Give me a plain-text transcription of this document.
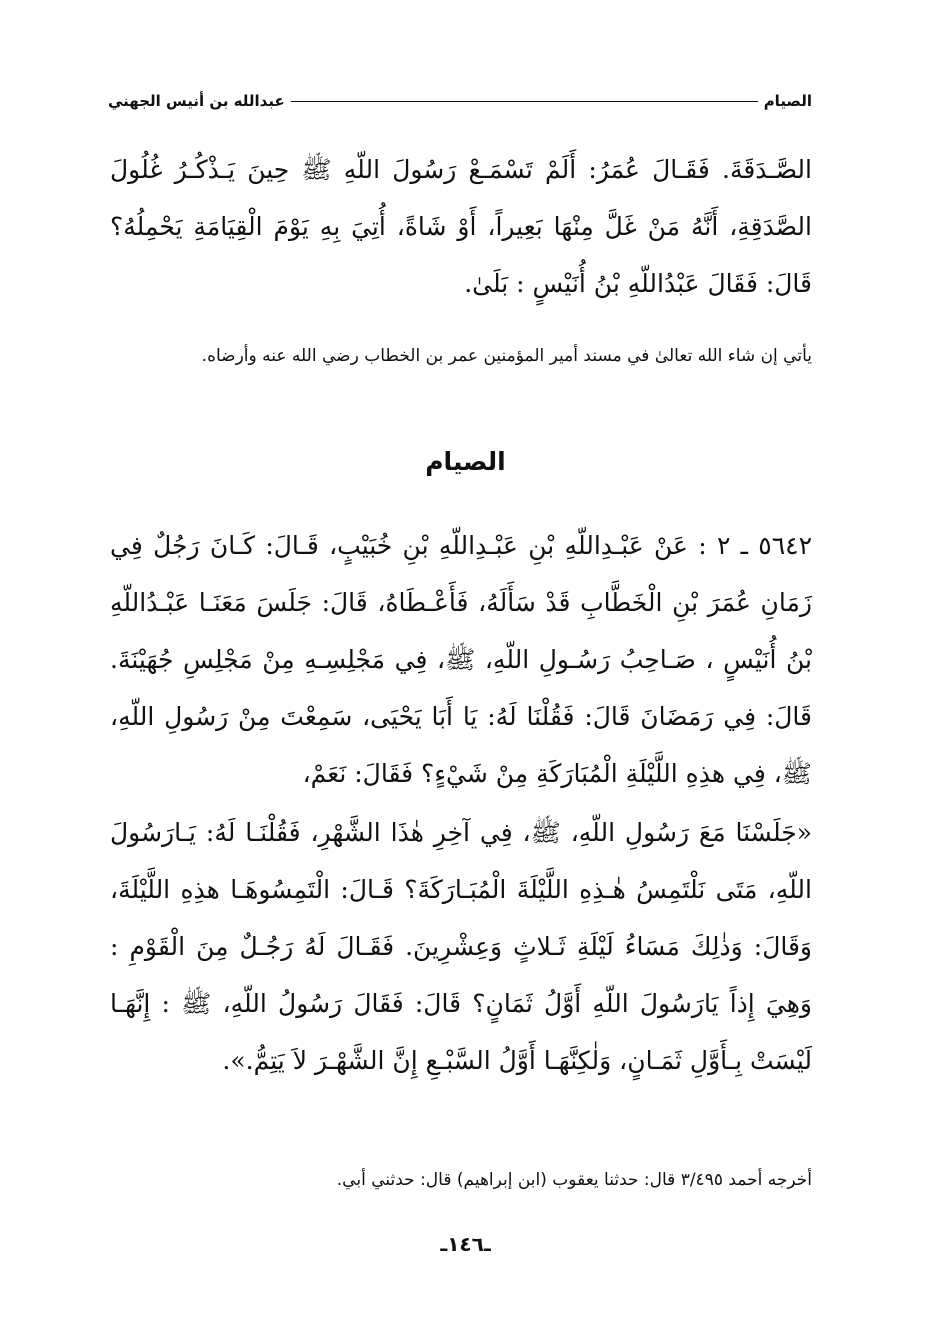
الصيام
عبدالله بن أنيس الجهني
الصَّـدَقَةَ. فَقَـالَ عُمَرُ: أَلَمْ تَسْمَـعْ رَسُولَ اللّهِ ﷺ حِينَ يَـذْكُـرُ غُلُولَ الصَّدَقِةِ، أَنَّهُ مَنْ غَلَّ مِنْهَا بَعِيراً، أَوْ شَاةً، أُتِيَ بِهِ يَوْمَ الْقِيَامَةِ يَحْمِلُهُ؟ قَالَ: فَقَالَ عَبْدُاللّهِ بْنُ أُنَيْسٍ : بَلَىٰ.
يأتي إن شاء الله تعالىٰ في مسند أمير المؤمنين عمر بن الخطاب رضي الله عنه وأرضاه.
الصيام
٥٦٤٢ ـ ٢ : عَنْ عَبْـدِاللّهِ بْنِ عَبْـدِاللّهِ بْنِ خُبَيْبٍ، قَـالَ: كَـانَ رَجُلٌ فِي زَمَانِ عُمَرَ بْنِ الْخَطَّابِ قَدْ سَأَلَهُ، فَأَعْـطَاهُ، قَالَ: جَلَسَ مَعَنَـا عَبْـدُاللّهِ بْنُ أُنَيْسٍ ، صَـاحِبُ رَسُـولِ اللّهِ، ﷺ، فِي مَجْلِسِـهِ مِنْ مَجْلِسِ جُهَيْنَةَ. قَالَ: فِي رَمَضَانَ قَالَ: فَقُلْنَا لَهُ: يَا أَبَا يَحْيَى، سَمِعْتَ مِنْ رَسُولِ اللّهِ، ﷺ، فِي هذِهِ اللَّيْلَةِ الْمُبَارَكَةِ مِنْ شَيْءٍ؟ فَقَالَ: نَعَمْ،
«جَلَسْنَا مَعَ رَسُولِ اللّهِ، ﷺ، فِي آخِرِ هٰذَا الشَّهْرِ، فَقُلْنَـا لَهُ: يَـارَسُولَ اللّهِ، مَتَى نَلْتَمِسُ هٰـذِهِ اللَّيْلَةَ الْمُبَـارَكَةَ؟ قَـالَ: الْتَمِسُوهَـا هذِهِ اللَّيْلَةَ، وَقَالَ: وَذٰلِكَ مَسَاءُ لَيْلَةِ ثَـلاثٍ وَعِشْرِينَ. فَقَـالَ لَهُ رَجُـلٌ مِنَ الْقَوْمِ : وَهِيَ إِذاً يَارَسُولَ اللّهِ أَوَّلُ ثَمَانٍ؟ قَالَ: فَقَالَ رَسُولُ اللّهِ، ﷺ : إِنَّهَـا لَيْسَتْ بِـأَوَّلِ ثَمَـانٍ، وَلٰكِنَّهَـا أَوَّلُ السَّبْـعِ إِنَّ الشَّهْـرَ لاَ يَتِمُّ.».
أخرجه أحمد ٣/٤٩٥ قال: حدثنا يعقوب (ابن إبراهيم) قال: حدثني أبي.
ـ١٤٦ـ
